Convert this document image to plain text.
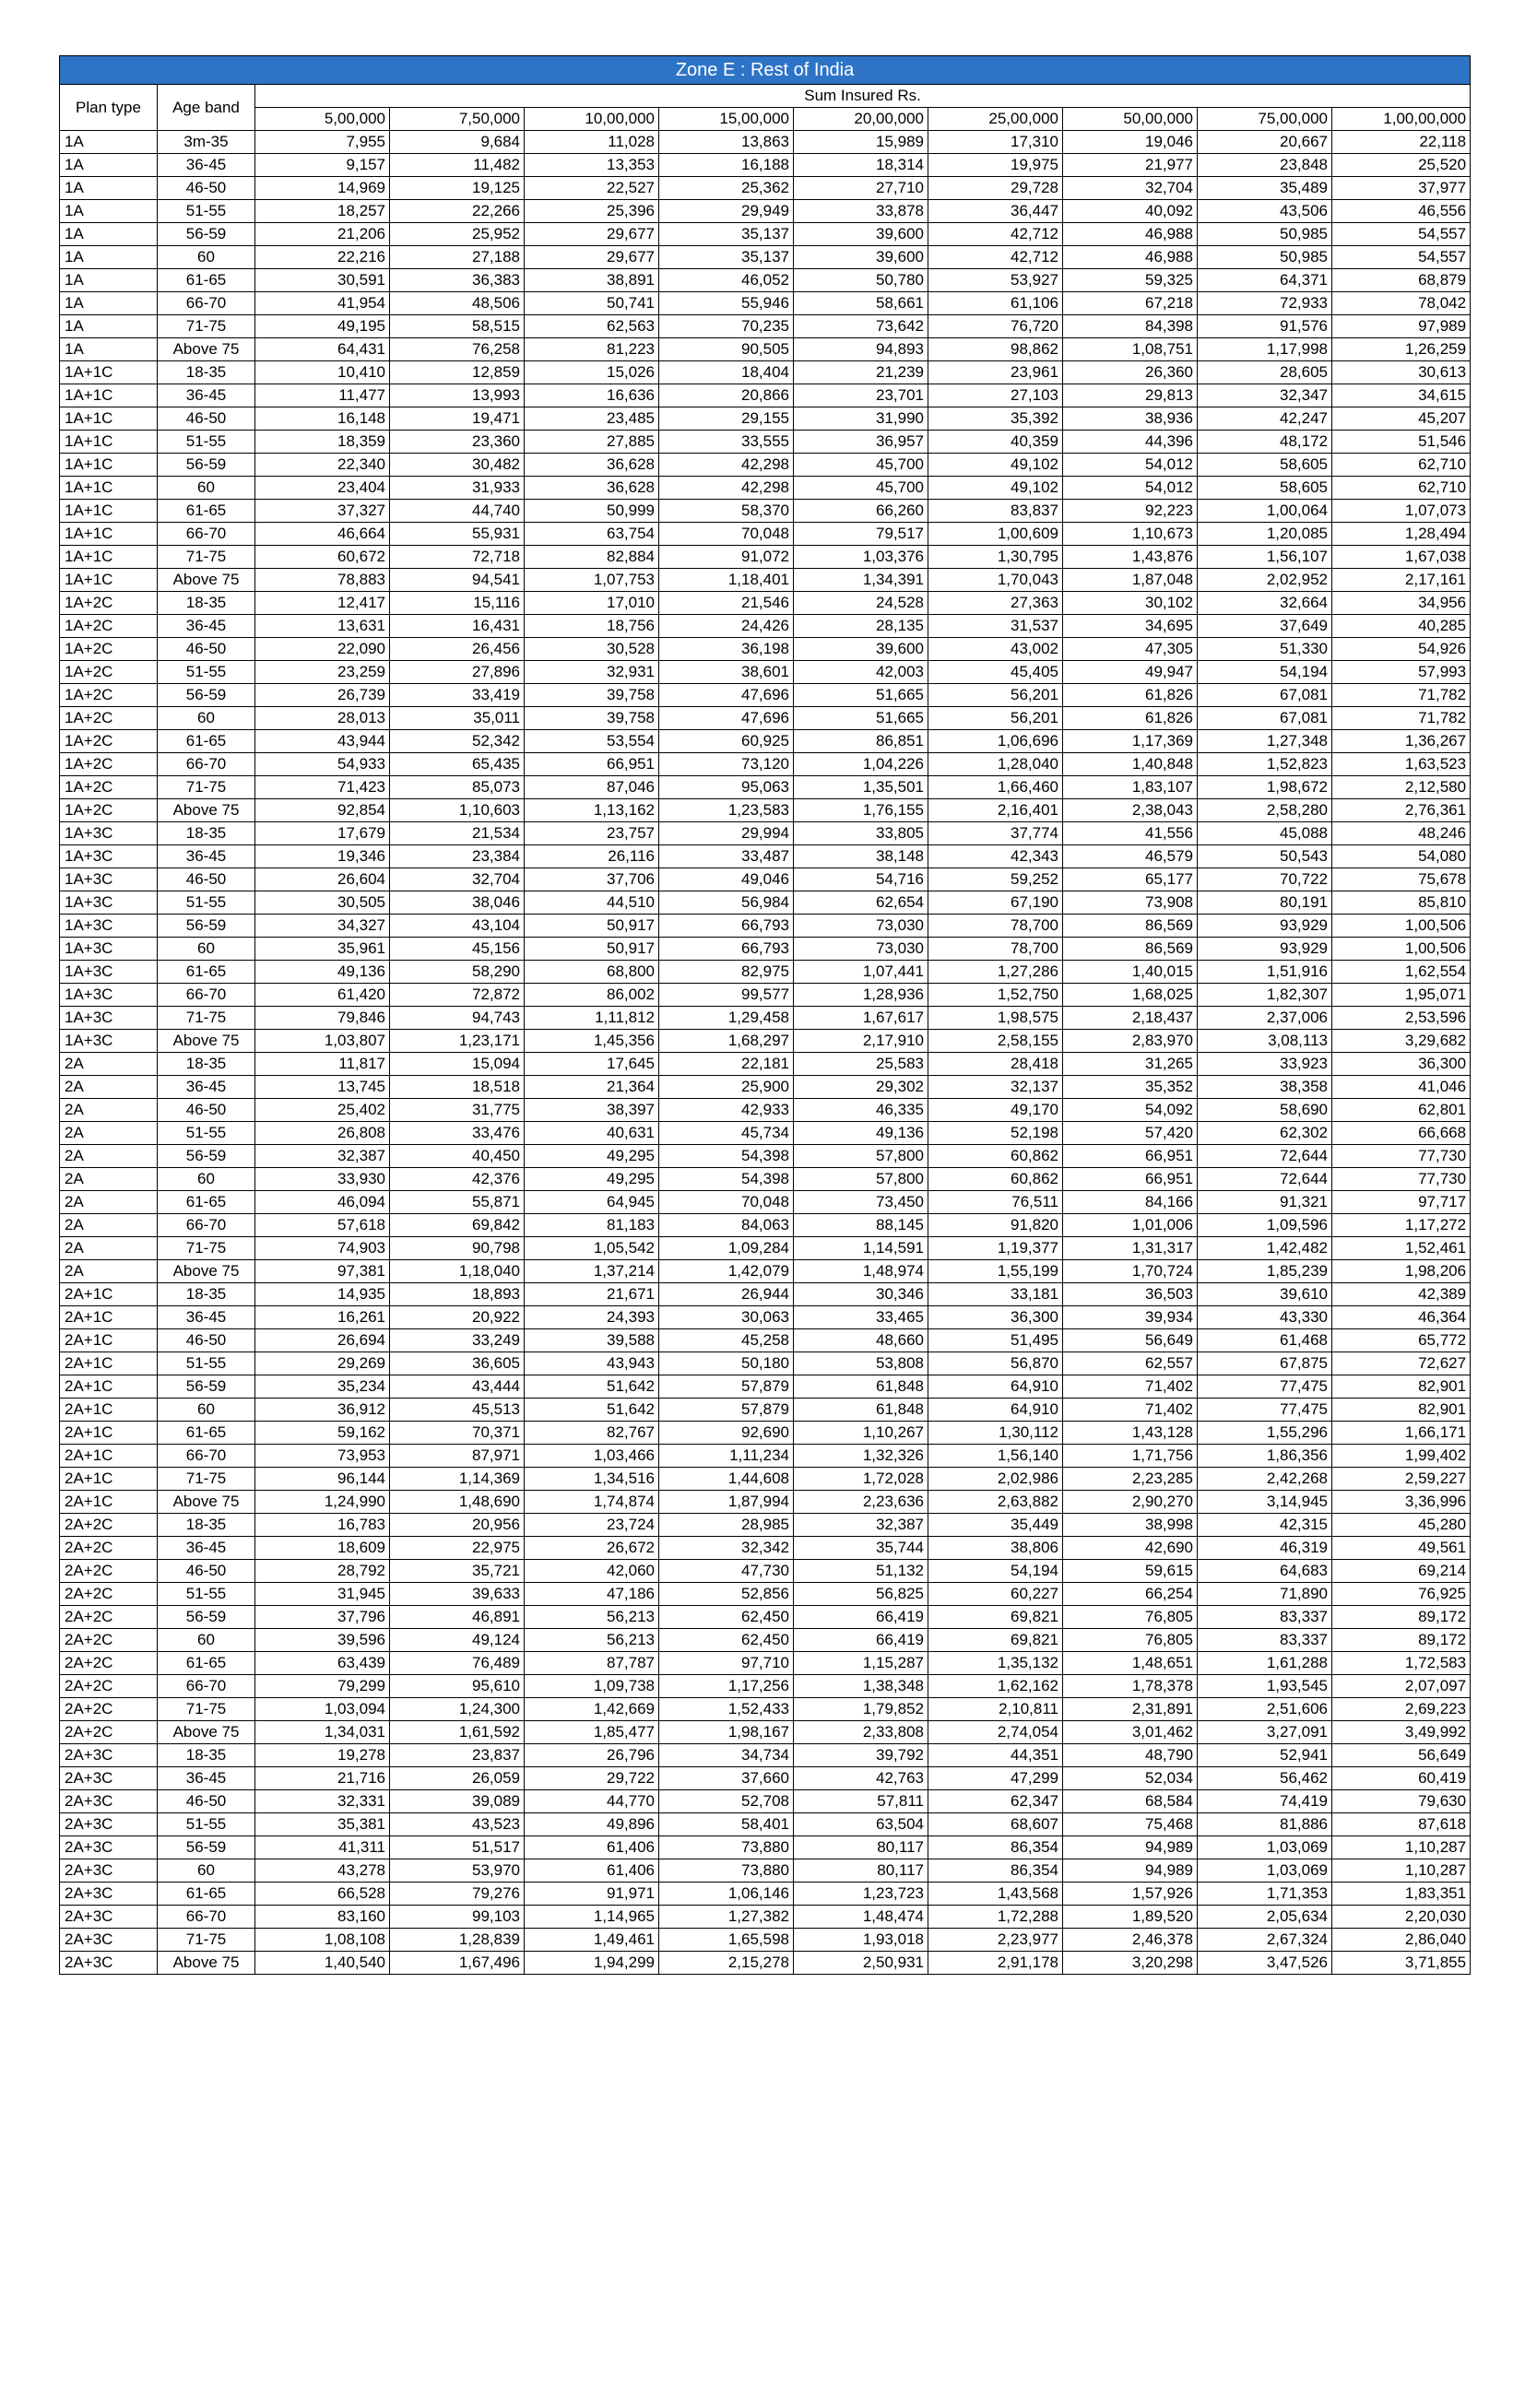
Zone E : Rest of India										
Plan type	Age band	Sum Insured Rs.								
		5,00,000	7,50,000	10,00,000	15,00,000	20,00,000	25,00,000	50,00,000	75,00,000	1,00,00,000
1A	3m-35	7,955	9,684	11,028	13,863	15,989	17,310	19,046	20,667	22,118
1A	36-45	9,157	11,482	13,353	16,188	18,314	19,975	21,977	23,848	25,520
1A	46-50	14,969	19,125	22,527	25,362	27,710	29,728	32,704	35,489	37,977
1A	51-55	18,257	22,266	25,396	29,949	33,878	36,447	40,092	43,506	46,556
1A	56-59	21,206	25,952	29,677	35,137	39,600	42,712	46,988	50,985	54,557
1A	60	22,216	27,188	29,677	35,137	39,600	42,712	46,988	50,985	54,557
1A	61-65	30,591	36,383	38,891	46,052	50,780	53,927	59,325	64,371	68,879
1A	66-70	41,954	48,506	50,741	55,946	58,661	61,106	67,218	72,933	78,042
1A	71-75	49,195	58,515	62,563	70,235	73,642	76,720	84,398	91,576	97,989
1A	Above 75	64,431	76,258	81,223	90,505	94,893	98,862	1,08,751	1,17,998	1,26,259
1A+1C	18-35	10,410	12,859	15,026	18,404	21,239	23,961	26,360	28,605	30,613
1A+1C	36-45	11,477	13,993	16,636	20,866	23,701	27,103	29,813	32,347	34,615
1A+1C	46-50	16,148	19,471	23,485	29,155	31,990	35,392	38,936	42,247	45,207
1A+1C	51-55	18,359	23,360	27,885	33,555	36,957	40,359	44,396	48,172	51,546
1A+1C	56-59	22,340	30,482	36,628	42,298	45,700	49,102	54,012	58,605	62,710
1A+1C	60	23,404	31,933	36,628	42,298	45,700	49,102	54,012	58,605	62,710
1A+1C	61-65	37,327	44,740	50,999	58,370	66,260	83,837	92,223	1,00,064	1,07,073
1A+1C	66-70	46,664	55,931	63,754	70,048	79,517	1,00,609	1,10,673	1,20,085	1,28,494
1A+1C	71-75	60,672	72,718	82,884	91,072	1,03,376	1,30,795	1,43,876	1,56,107	1,67,038
1A+1C	Above 75	78,883	94,541	1,07,753	1,18,401	1,34,391	1,70,043	1,87,048	2,02,952	2,17,161
1A+2C	18-35	12,417	15,116	17,010	21,546	24,528	27,363	30,102	32,664	34,956
1A+2C	36-45	13,631	16,431	18,756	24,426	28,135	31,537	34,695	37,649	40,285
1A+2C	46-50	22,090	26,456	30,528	36,198	39,600	43,002	47,305	51,330	54,926
1A+2C	51-55	23,259	27,896	32,931	38,601	42,003	45,405	49,947	54,194	57,993
1A+2C	56-59	26,739	33,419	39,758	47,696	51,665	56,201	61,826	67,081	71,782
1A+2C	60	28,013	35,011	39,758	47,696	51,665	56,201	61,826	67,081	71,782
1A+2C	61-65	43,944	52,342	53,554	60,925	86,851	1,06,696	1,17,369	1,27,348	1,36,267
1A+2C	66-70	54,933	65,435	66,951	73,120	1,04,226	1,28,040	1,40,848	1,52,823	1,63,523
1A+2C	71-75	71,423	85,073	87,046	95,063	1,35,501	1,66,460	1,83,107	1,98,672	2,12,580
1A+2C	Above 75	92,854	1,10,603	1,13,162	1,23,583	1,76,155	2,16,401	2,38,043	2,58,280	2,76,361
1A+3C	18-35	17,679	21,534	23,757	29,994	33,805	37,774	41,556	45,088	48,246
1A+3C	36-45	19,346	23,384	26,116	33,487	38,148	42,343	46,579	50,543	54,080
1A+3C	46-50	26,604	32,704	37,706	49,046	54,716	59,252	65,177	70,722	75,678
1A+3C	51-55	30,505	38,046	44,510	56,984	62,654	67,190	73,908	80,191	85,810
1A+3C	56-59	34,327	43,104	50,917	66,793	73,030	78,700	86,569	93,929	1,00,506
1A+3C	60	35,961	45,156	50,917	66,793	73,030	78,700	86,569	93,929	1,00,506
1A+3C	61-65	49,136	58,290	68,800	82,975	1,07,441	1,27,286	1,40,015	1,51,916	1,62,554
1A+3C	66-70	61,420	72,872	86,002	99,577	1,28,936	1,52,750	1,68,025	1,82,307	1,95,071
1A+3C	71-75	79,846	94,743	1,11,812	1,29,458	1,67,617	1,98,575	2,18,437	2,37,006	2,53,596
1A+3C	Above 75	1,03,807	1,23,171	1,45,356	1,68,297	2,17,910	2,58,155	2,83,970	3,08,113	3,29,682
2A	18-35	11,817	15,094	17,645	22,181	25,583	28,418	31,265	33,923	36,300
2A	36-45	13,745	18,518	21,364	25,900	29,302	32,137	35,352	38,358	41,046
2A	46-50	25,402	31,775	38,397	42,933	46,335	49,170	54,092	58,690	62,801
2A	51-55	26,808	33,476	40,631	45,734	49,136	52,198	57,420	62,302	66,668
2A	56-59	32,387	40,450	49,295	54,398	57,800	60,862	66,951	72,644	77,730
2A	60	33,930	42,376	49,295	54,398	57,800	60,862	66,951	72,644	77,730
2A	61-65	46,094	55,871	64,945	70,048	73,450	76,511	84,166	91,321	97,717
2A	66-70	57,618	69,842	81,183	84,063	88,145	91,820	1,01,006	1,09,596	1,17,272
2A	71-75	74,903	90,798	1,05,542	1,09,284	1,14,591	1,19,377	1,31,317	1,42,482	1,52,461
2A	Above 75	97,381	1,18,040	1,37,214	1,42,079	1,48,974	1,55,199	1,70,724	1,85,239	1,98,206
2A+1C	18-35	14,935	18,893	21,671	26,944	30,346	33,181	36,503	39,610	42,389
2A+1C	36-45	16,261	20,922	24,393	30,063	33,465	36,300	39,934	43,330	46,364
2A+1C	46-50	26,694	33,249	39,588	45,258	48,660	51,495	56,649	61,468	65,772
2A+1C	51-55	29,269	36,605	43,943	50,180	53,808	56,870	62,557	67,875	72,627
2A+1C	56-59	35,234	43,444	51,642	57,879	61,848	64,910	71,402	77,475	82,901
2A+1C	60	36,912	45,513	51,642	57,879	61,848	64,910	71,402	77,475	82,901
2A+1C	61-65	59,162	70,371	82,767	92,690	1,10,267	1,30,112	1,43,128	1,55,296	1,66,171
2A+1C	66-70	73,953	87,971	1,03,466	1,11,234	1,32,326	1,56,140	1,71,756	1,86,356	1,99,402
2A+1C	71-75	96,144	1,14,369	1,34,516	1,44,608	1,72,028	2,02,986	2,23,285	2,42,268	2,59,227
2A+1C	Above 75	1,24,990	1,48,690	1,74,874	1,87,994	2,23,636	2,63,882	2,90,270	3,14,945	3,36,996
2A+2C	18-35	16,783	20,956	23,724	28,985	32,387	35,449	38,998	42,315	45,280
2A+2C	36-45	18,609	22,975	26,672	32,342	35,744	38,806	42,690	46,319	49,561
2A+2C	46-50	28,792	35,721	42,060	47,730	51,132	54,194	59,615	64,683	69,214
2A+2C	51-55	31,945	39,633	47,186	52,856	56,825	60,227	66,254	71,890	76,925
2A+2C	56-59	37,796	46,891	56,213	62,450	66,419	69,821	76,805	83,337	89,172
2A+2C	60	39,596	49,124	56,213	62,450	66,419	69,821	76,805	83,337	89,172
2A+2C	61-65	63,439	76,489	87,787	97,710	1,15,287	1,35,132	1,48,651	1,61,288	1,72,583
2A+2C	66-70	79,299	95,610	1,09,738	1,17,256	1,38,348	1,62,162	1,78,378	1,93,545	2,07,097
2A+2C	71-75	1,03,094	1,24,300	1,42,669	1,52,433	1,79,852	2,10,811	2,31,891	2,51,606	2,69,223
2A+2C	Above 75	1,34,031	1,61,592	1,85,477	1,98,167	2,33,808	2,74,054	3,01,462	3,27,091	3,49,992
2A+3C	18-35	19,278	23,837	26,796	34,734	39,792	44,351	48,790	52,941	56,649
2A+3C	36-45	21,716	26,059	29,722	37,660	42,763	47,299	52,034	56,462	60,419
2A+3C	46-50	32,331	39,089	44,770	52,708	57,811	62,347	68,584	74,419	79,630
2A+3C	51-55	35,381	43,523	49,896	58,401	63,504	68,607	75,468	81,886	87,618
2A+3C	56-59	41,311	51,517	61,406	73,880	80,117	86,354	94,989	1,03,069	1,10,287
2A+3C	60	43,278	53,970	61,406	73,880	80,117	86,354	94,989	1,03,069	1,10,287
2A+3C	61-65	66,528	79,276	91,971	1,06,146	1,23,723	1,43,568	1,57,926	1,71,353	1,83,351
2A+3C	66-70	83,160	99,103	1,14,965	1,27,382	1,48,474	1,72,288	1,89,520	2,05,634	2,20,030
2A+3C	71-75	1,08,108	1,28,839	1,49,461	1,65,598	1,93,018	2,23,977	2,46,378	2,67,324	2,86,040
2A+3C	Above 75	1,40,540	1,67,496	1,94,299	2,15,278	2,50,931	2,91,178	3,20,298	3,47,526	3,71,855
